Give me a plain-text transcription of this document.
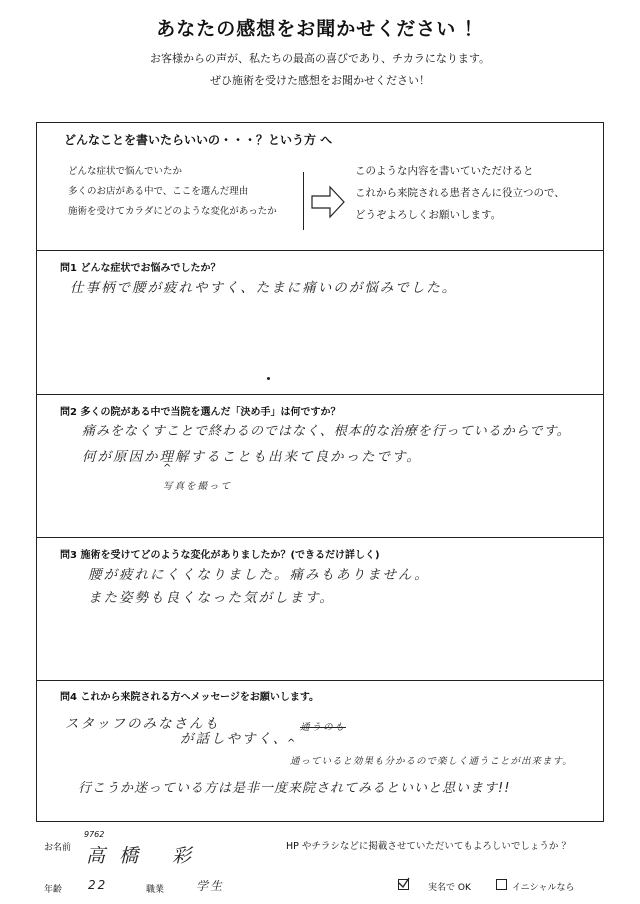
あなたの感想をお聞かせください ！
お客様からの声が、私たちの最高の喜びであり、チカラになります。
ぜひ施術を受けた感想をお聞かせください！
どんなことを書いたらいいの・・・？という方 へ
どんな症状で悩んでいたか
多くのお店がある中で、ここを選んだ理由
施術を受けてカラダにどのような変化があったか
このような内容を書いていただけると
これから来院される患者さんに役立つので、
どうぞよろしくお願いします。
問1 どんな症状でお悩みでしたか？
仕事柄で腰が疲れやすく、たまに痛いのが悩みでした。
問2 多くの院がある中で当院を選んだ「決め手」は何ですか？
痛みをなくすことで終わるのではなく、根本的な治療を行っているからです。
何が原因か理解することも出来て良かったです。
^
写真を撮って
問3 施術を受けてどのような変化がありましたか？(できるだけ詳しく)
腰が疲れにくくなりました。痛みもありません。
また姿勢も良くなった気がします。
問4 これから来院される方へメッセージをお願いします。
スタッフのみなさんも
が話しやすく、
通うのも
^
通っていると効果も分かるので楽しく通うことが出来ます。
行こうか迷っている方は是非一度来院されてみるといいと思います!!
9762
お名前 高橋 彩	HP やチラシなどに掲載させていただいてもよろしいでしょうか ？
年齢 22	職業	学生	実名で OK	イニシャルなら
